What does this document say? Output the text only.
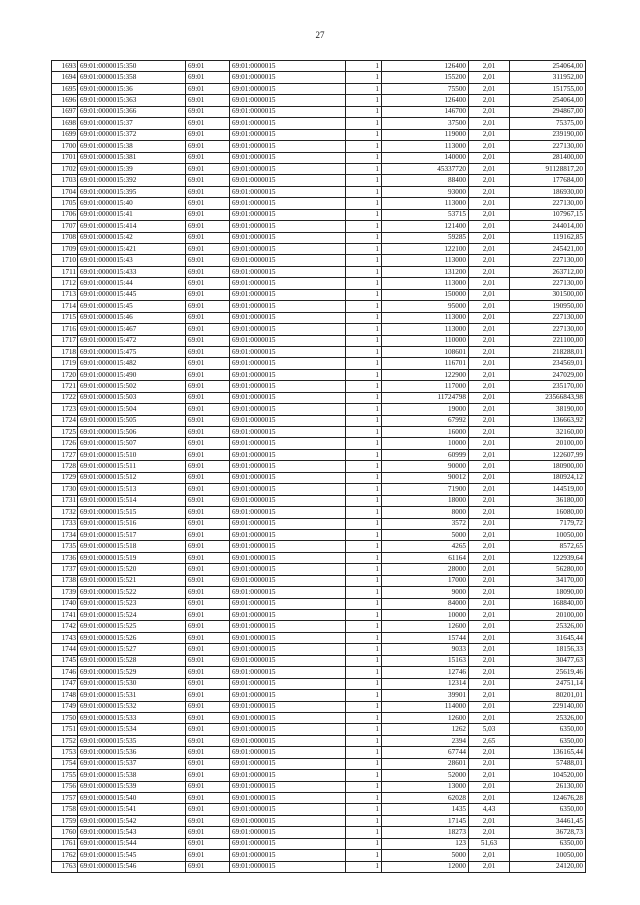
27
1693	69:01:0000015:350	69:01	69:01:0000015	1	126400	2,01	254064,00
1694	69:01:0000015:358	69:01	69:01:0000015	1	155200	2,01	311952,00
1695	69:01:0000015:36	69:01	69:01:0000015	1	75500	2,01	151755,00
1696	69:01:0000015:363	69:01	69:01:0000015	1	126400	2,01	254064,00
1697	69:01:0000015:366	69:01	69:01:0000015	1	146700	2,01	294867,00
1698	69:01:0000015:37	69:01	69:01:0000015	1	37500	2,01	75375,00
1699	69:01:0000015:372	69:01	69:01:0000015	1	119000	2,01	239190,00
1700	69:01:0000015:38	69:01	69:01:0000015	1	113000	2,01	227130,00
1701	69:01:0000015:381	69:01	69:01:0000015	1	140000	2,01	281400,00
1702	69:01:0000015:39	69:01	69:01:0000015	1	45337720	2,01	91128817,20
1703	69:01:0000015:392	69:01	69:01:0000015	1	88400	2,01	177684,00
1704	69:01:0000015:395	69:01	69:01:0000015	1	93000	2,01	186930,00
1705	69:01:0000015:40	69:01	69:01:0000015	1	113000	2,01	227130,00
1706	69:01:0000015:41	69:01	69:01:0000015	1	53715	2,01	107967,15
1707	69:01:0000015:414	69:01	69:01:0000015	1	121400	2,01	244014,00
1708	69:01:0000015:42	69:01	69:01:0000015	1	59285	2,01	119162,85
1709	69:01:0000015:421	69:01	69:01:0000015	1	122100	2,01	245421,00
1710	69:01:0000015:43	69:01	69:01:0000015	1	113000	2,01	227130,00
1711	69:01:0000015:433	69:01	69:01:0000015	1	131200	2,01	263712,00
1712	69:01:0000015:44	69:01	69:01:0000015	1	113000	2,01	227130,00
1713	69:01:0000015:445	69:01	69:01:0000015	1	150000	2,01	301500,00
1714	69:01:0000015:45	69:01	69:01:0000015	1	95000	2,01	190950,00
1715	69:01:0000015:46	69:01	69:01:0000015	1	113000	2,01	227130,00
1716	69:01:0000015:467	69:01	69:01:0000015	1	113000	2,01	227130,00
1717	69:01:0000015:472	69:01	69:01:0000015	1	110000	2,01	221100,00
1718	69:01:0000015:475	69:01	69:01:0000015	1	108601	2,01	218288,01
1719	69:01:0000015:482	69:01	69:01:0000015	1	116701	2,01	234569,01
1720	69:01:0000015:490	69:01	69:01:0000015	1	122900	2,01	247029,00
1721	69:01:0000015:502	69:01	69:01:0000015	1	117000	2,01	235170,00
1722	69:01:0000015:503	69:01	69:01:0000015	1	11724798	2,01	23566843,98
1723	69:01:0000015:504	69:01	69:01:0000015	1	19000	2,01	38190,00
1724	69:01:0000015:505	69:01	69:01:0000015	1	67992	2,01	136663,92
1725	69:01:0000015:506	69:01	69:01:0000015	1	16000	2,01	32160,00
1726	69:01:0000015:507	69:01	69:01:0000015	1	10000	2,01	20100,00
1727	69:01:0000015:510	69:01	69:01:0000015	1	60999	2,01	122607,99
1728	69:01:0000015:511	69:01	69:01:0000015	1	90000	2,01	180900,00
1729	69:01:0000015:512	69:01	69:01:0000015	1	90012	2,01	180924,12
1730	69:01:0000015:513	69:01	69:01:0000015	1	71900	2,01	144519,00
1731	69:01:0000015:514	69:01	69:01:0000015	1	18000	2,01	36180,00
1732	69:01:0000015:515	69:01	69:01:0000015	1	8000	2,01	16080,00
1733	69:01:0000015:516	69:01	69:01:0000015	1	3572	2,01	7179,72
1734	69:01:0000015:517	69:01	69:01:0000015	1	5000	2,01	10050,00
1735	69:01:0000015:518	69:01	69:01:0000015	1	4265	2,01	8572,65
1736	69:01:0000015:519	69:01	69:01:0000015	1	61164	2,01	122939,64
1737	69:01:0000015:520	69:01	69:01:0000015	1	28000	2,01	56280,00
1738	69:01:0000015:521	69:01	69:01:0000015	1	17000	2,01	34170,00
1739	69:01:0000015:522	69:01	69:01:0000015	1	9000	2,01	18090,00
1740	69:01:0000015:523	69:01	69:01:0000015	1	84000	2,01	168840,00
1741	69:01:0000015:524	69:01	69:01:0000015	1	10000	2,01	20100,00
1742	69:01:0000015:525	69:01	69:01:0000015	1	12600	2,01	25326,00
1743	69:01:0000015:526	69:01	69:01:0000015	1	15744	2,01	31645,44
1744	69:01:0000015:527	69:01	69:01:0000015	1	9033	2,01	18156,33
1745	69:01:0000015:528	69:01	69:01:0000015	1	15163	2,01	30477,63
1746	69:01:0000015:529	69:01	69:01:0000015	1	12746	2,01	25619,46
1747	69:01:0000015:530	69:01	69:01:0000015	1	12314	2,01	24751,14
1748	69:01:0000015:531	69:01	69:01:0000015	1	39901	2,01	80201,01
1749	69:01:0000015:532	69:01	69:01:0000015	1	114000	2,01	229140,00
1750	69:01:0000015:533	69:01	69:01:0000015	1	12600	2,01	25326,00
1751	69:01:0000015:534	69:01	69:01:0000015	1	1262	5,03	6350,00
1752	69:01:0000015:535	69:01	69:01:0000015	1	2394	2,65	6350,00
1753	69:01:0000015:536	69:01	69:01:0000015	1	67744	2,01	136165,44
1754	69:01:0000015:537	69:01	69:01:0000015	1	28601	2,01	57488,01
1755	69:01:0000015:538	69:01	69:01:0000015	1	52000	2,01	104520,00
1756	69:01:0000015:539	69:01	69:01:0000015	1	13000	2,01	26130,00
1757	69:01:0000015:540	69:01	69:01:0000015	1	62028	2,01	124676,28
1758	69:01:0000015:541	69:01	69:01:0000015	1	1435	4,43	6350,00
1759	69:01:0000015:542	69:01	69:01:0000015	1	17145	2,01	34461,45
1760	69:01:0000015:543	69:01	69:01:0000015	1	18273	2,01	36728,73
1761	69:01:0000015:544	69:01	69:01:0000015	1	123	51,63	6350,00
1762	69:01:0000015:545	69:01	69:01:0000015	1	5000	2,01	10050,00
1763	69:01:0000015:546	69:01	69:01:0000015	1	12000	2,01	24120,00
